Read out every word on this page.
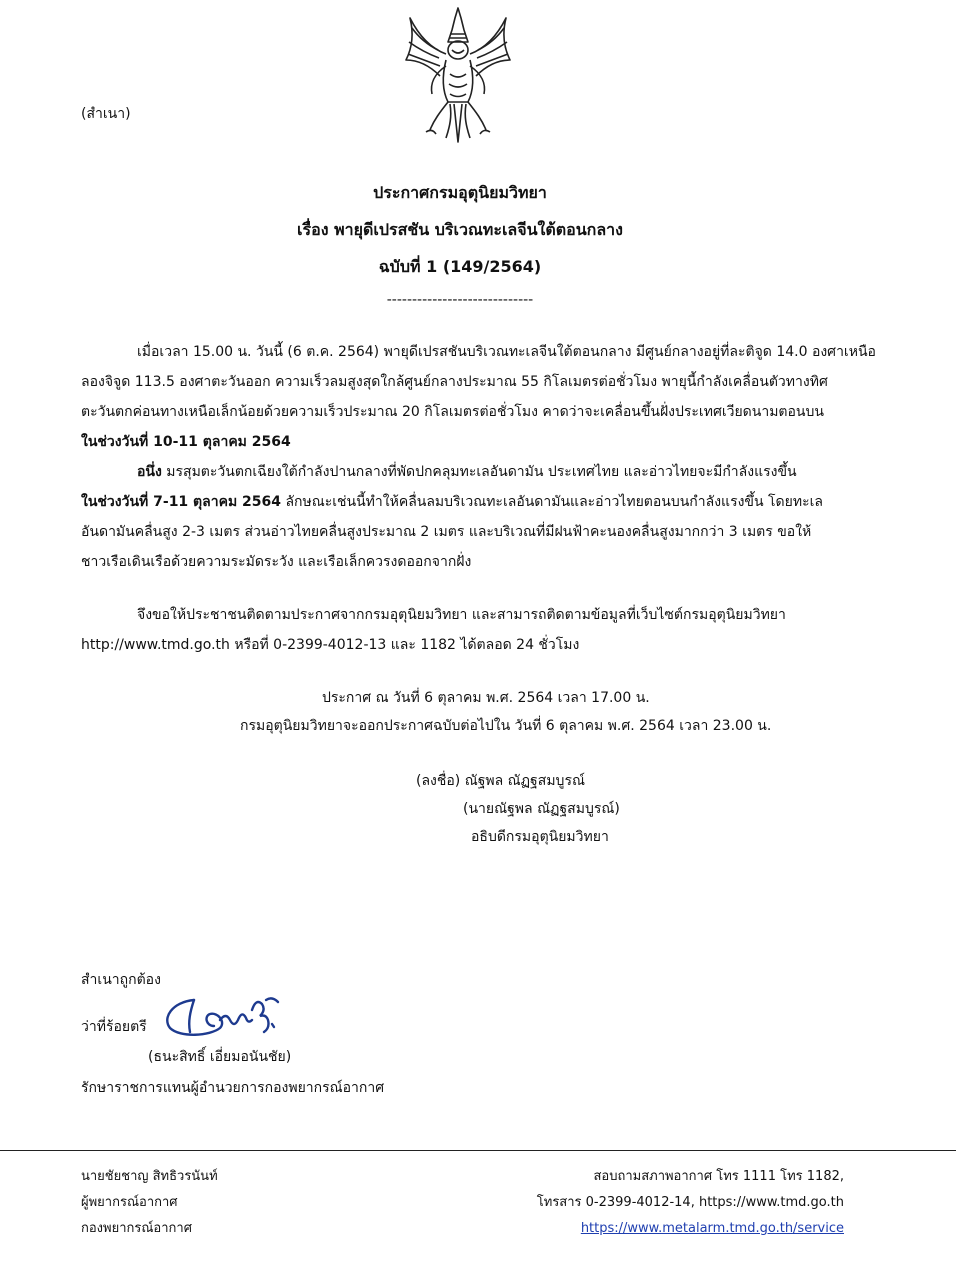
(สำเนา)
ประกาศกรมอุตุนิยมวิทยา
เรื่อง พายุดีเปรสชัน บริเวณทะเลจีนใต้ตอนกลาง
ฉบับที่ 1 (149/2564)
-----------------------------
เมื่อเวลา 15.00 น. วันนี้ (6 ต.ค. 2564) พายุดีเปรสชันบริเวณทะเลจีนใต้ตอนกลาง มีศูนย์กลางอยู่ที่ละติจูด 14.0 องศาเหนือ
ลองจิจูด 113.5 องศาตะวันออก ความเร็วลมสูงสุดใกล้ศูนย์กลางประมาณ 55 กิโลเมตรต่อชั่วโมง พายุนี้กำลังเคลื่อนตัวทางทิศ
ตะวันตกค่อนทางเหนือเล็กน้อยด้วยความเร็วประมาณ 20 กิโลเมตรต่อชั่วโมง คาดว่าจะเคลื่อนขึ้นฝั่งประเทศเวียดนามตอนบน
ในช่วงวันที่ 10-11 ตุลาคม 2564
อนึ่ง มรสุมตะวันตกเฉียงใต้กำลังปานกลางที่พัดปกคลุมทะเลอันดามัน ประเทศไทย และอ่าวไทยจะมีกำลังแรงขึ้น
ในช่วงวันที่ 7-11 ตุลาคม 2564 ลักษณะเช่นนี้ทำให้คลื่นลมบริเวณทะเลอันดามันและอ่าวไทยตอนบนกำลังแรงขึ้น โดยทะเล
อันดามันคลื่นสูง 2-3 เมตร ส่วนอ่าวไทยคลื่นสูงประมาณ 2 เมตร และบริเวณที่มีฝนฟ้าคะนองคลื่นสูงมากกว่า 3 เมตร ขอให้
ชาวเรือเดินเรือด้วยความระมัดระวัง และเรือเล็กควรงดออกจากฝั่ง
จึงขอให้ประชาชนติดตามประกาศจากกรมอุตุนิยมวิทยา และสามารถติดตามข้อมูลที่เว็บไซต์กรมอุตุนิยมวิทยา
http://www.tmd.go.th หรือที่ 0-2399-4012-13 และ 1182 ได้ตลอด 24 ชั่วโมง
ประกาศ ณ วันที่ 6 ตุลาคม พ.ศ. 2564 เวลา 17.00 น.
กรมอุตุนิยมวิทยาจะออกประกาศฉบับต่อไปใน วันที่ 6 ตุลาคม พ.ศ. 2564 เวลา 23.00 น.
(ลงชื่อ) ณัฐพล ณัฏฐสมบูรณ์
(นายณัฐพล ณัฏฐสมบูรณ์)
อธิบดีกรมอุตุนิยมวิทยา
สำเนาถูกต้อง
ว่าที่ร้อยตรี
(ธนะสิทธิ์ เอี่ยมอนันชัย)
รักษาราชการแทนผู้อำนวยการกองพยากรณ์อากาศ
นายชัยชาญ สิทธิวรนันท์
ผู้พยากรณ์อากาศ
กองพยากรณ์อากาศ
สอบถามสภาพอากาศ โทร 1111 โทร 1182,
โทรสาร 0-2399-4012-14, https://www.tmd.go.th
https://www.metalarm.tmd.go.th/service
